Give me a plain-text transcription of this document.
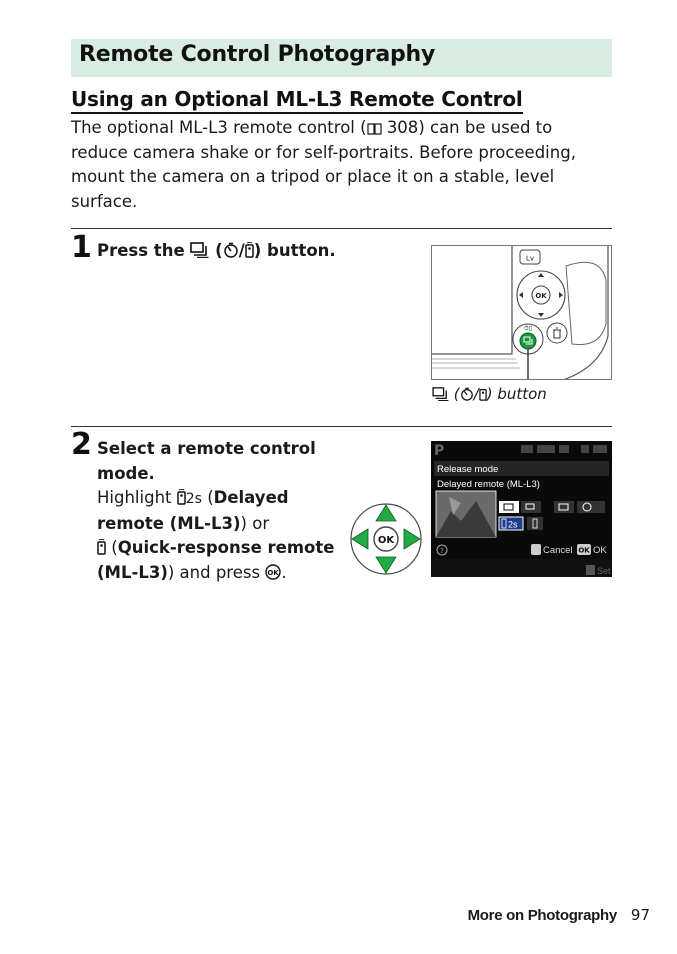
Remote Control Photography
Using an Optional ML-L3 Remote Control
The optional ML-L3 remote control ( 308) can be used to reduce camera shake or for self-portraits. Before proceeding, mount the camera on a tripod or place it on a stable, level surface.
1 Press the  ( / ) button.	Lv
OK
⏱▯
( / ) button
2 Select a remote control mode.
Highlight 2s (Delayed remote (ML-L3)) or
(Quick-response remote (ML-L3)) and press OK .
OK
P
Release mode
Delayed remote (ML-L3)
2s
?	Cancel OK OK
Set
More on Photography 97
